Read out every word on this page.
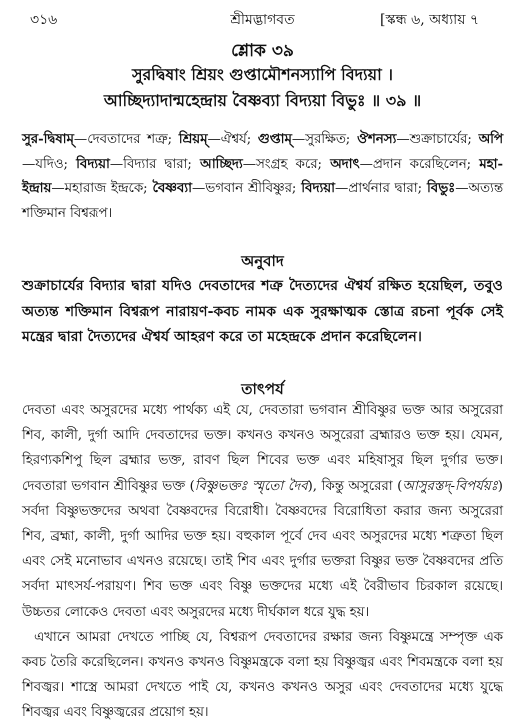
৩১৬	শ্রীমদ্ভাগবত	[স্কন্ধ ৬, অধ্যায় ৭
শ্লোক ৩৯
সুরদ্বিষাং শ্রিয়ং গুপ্তামৌশনস্যাপি বিদ্যয়া ।
আচ্ছিদ্যাদান্মহেন্দ্রায় বৈষ্ণব্যা বিদ্যয়া বিভুঃ ॥ ৩৯ ॥
সুর-দ্বিষাম্—দেবতাদের শত্রু; শ্রিয়ম্—ঐশ্বর্য; গুপ্তাম্—সুরক্ষিত; ঔশনস্য—শুক্রাচার্যের; অপি—যদিও; বিদ্যয়া—বিদ্যার দ্বারা; আচ্ছিদ্য—সংগ্রহ করে; অদাৎ—প্রদান করেছিলেন; মহা-ইন্দ্রায়—মহারাজ ইন্দ্রকে; বৈষ্ণব্যা—ভগবান শ্রীবিষ্ণুর; বিদ্যয়া—প্রার্থনার দ্বারা; বিভুঃ—অত্যন্ত শক্তিমান বিশ্বরূপ।
অনুবাদ
শুক্রাচার্যের বিদ্যার দ্বারা যদিও দেবতাদের শত্রু দৈত্যদের ঐশ্বর্য রক্ষিত হয়েছিল, তবুও অত্যন্ত শক্তিমান বিশ্বরূপ নারায়ণ-কবচ নামক এক সুরক্ষাত্মক স্তোত্র রচনা পূর্বক সেই মন্ত্রের দ্বারা দৈত্যদের ঐশ্বর্য আহরণ করে তা মহেন্দ্রকে প্রদান করেছিলেন।
তাৎপর্য

দেবতা এবং অসুরদের মধ্যে পার্থক্য এই যে, দেবতারা ভগবান শ্রীবিষ্ণুর ভক্ত আর অসুরেরা শিব, কালী, দুর্গা আদি দেবতাদের ভক্ত। কখনও কখনও অসুরেরা ব্রহ্মারও ভক্ত হয়। যেমন, হিরণ্যকশিপু ছিল ব্রহ্মার ভক্ত, রাবণ ছিল শিবের ভক্ত এবং মহিষাসুর ছিল দুর্গার ভক্ত। দেবতারা ভগবান শ্রীবিষ্ণুর ভক্ত (বিষ্ণুভক্তঃ স্মৃতো দৈব), কিন্তু অসুরেরা (আসুরস্তদ্-বিপর্যয়ঃ) সর্বদা বিষ্ণুভক্তদের অথবা বৈষ্ণবদের বিরোধী। বৈষ্ণবদের বিরোধিতা করার জন্য অসুরেরা শিব, ব্রহ্মা, কালী, দুর্গা আদির ভক্ত হয়। বহুকাল পূর্বে দেব এবং অসুরদের মধ্যে শত্রুতা ছিল এবং সেই মনোভাব এখনও রয়েছে। তাই শিব এবং দুর্গার ভক্তরা বিষ্ণুর ভক্ত বৈষ্ণবদের প্রতি সর্বদা মাৎসর্য-পরায়ণ। শিব ভক্ত এবং বিষ্ণু ভক্তদের মধ্যে এই বৈরীভাব চিরকাল রয়েছে। উচ্চতর লোকেও দেবতা এবং অসুরদের মধ্যে দীর্ঘকাল ধরে যুদ্ধ হয়।

এখানে আমরা দেখতে পাচ্ছি যে, বিশ্বরূপ দেবতাদের রক্ষার জন্য বিষ্ণুমন্ত্রে সম্পৃক্ত এক কবচ তৈরি করেছিলেন। কখনও কখনও বিষ্ণুমন্ত্রকে বলা হয় বিষ্ণুজ্বর এবং শিবমন্ত্রকে বলা হয় শিবজ্বর। শাস্ত্রে আমরা দেখতে পাই যে, কখনও কখনও অসুর এবং দেবতাদের মধ্যে যুদ্ধে শিবজ্বর এবং বিষ্ণুজ্বরের প্রয়োগ হয়।
